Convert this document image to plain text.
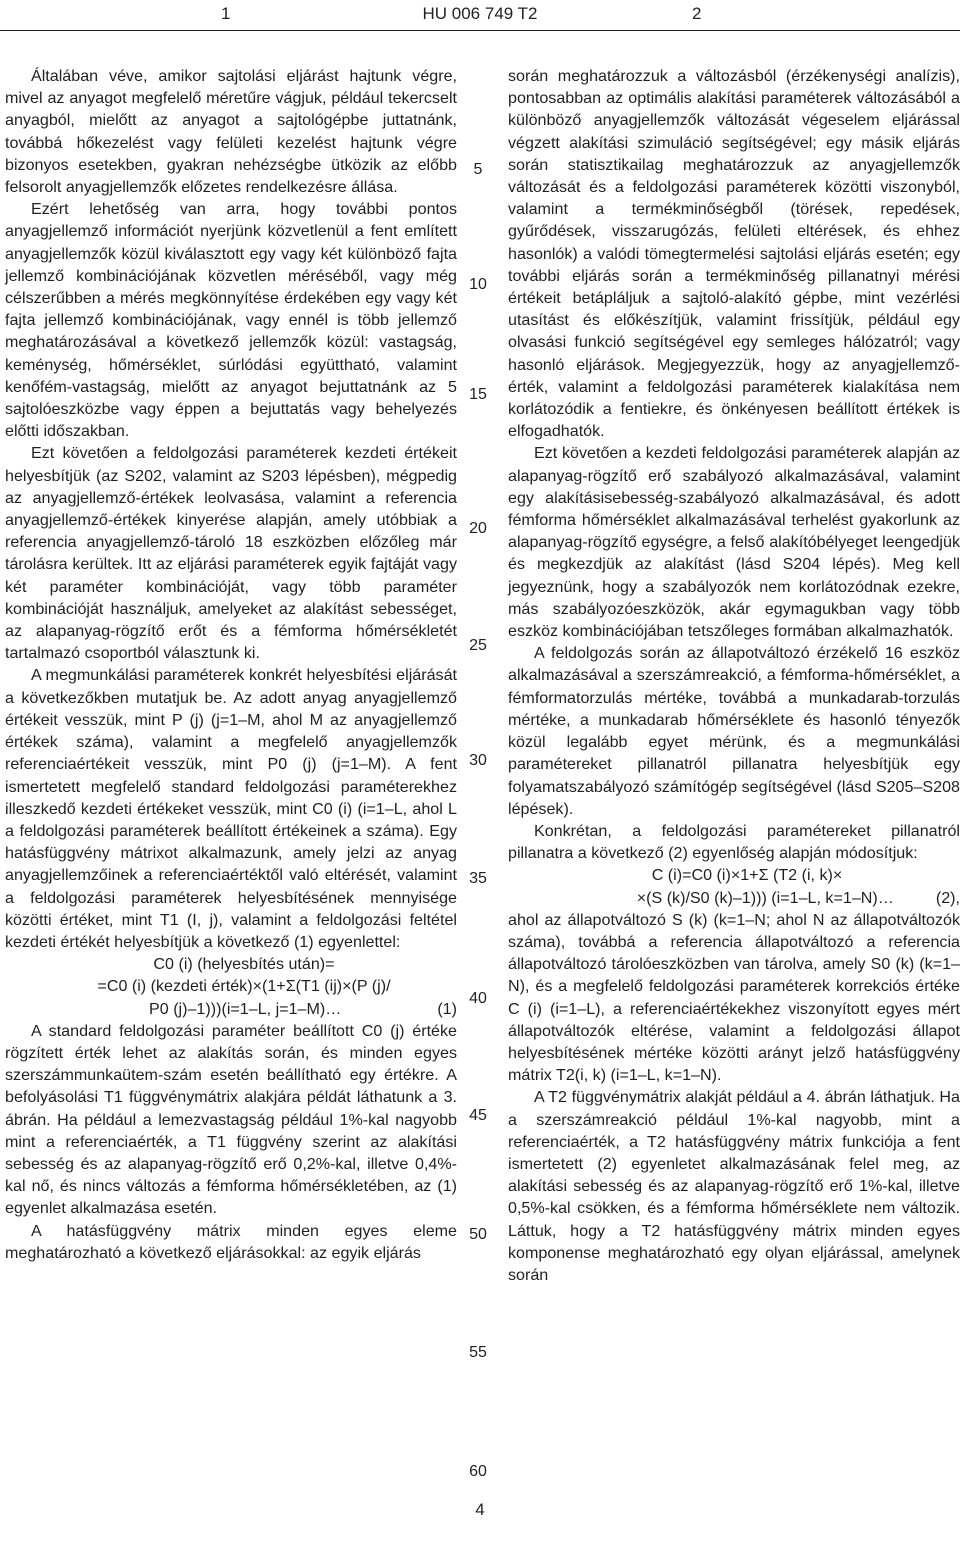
1	HU 006 749 T2	2

Általában véve, amikor sajtolási eljárást hajtunk végre, mivel az anyagot megfelelő méretűre vágjuk, például tekercselt anyagból, mielőtt az anyagot a sajtológépbe juttatnánk, továbbá hőkezelést vagy felületi kezelést hajtunk végre bizonyos esetekben, gyakran nehézségbe ütközik az előbb felsorolt anyagjellemzők előzetes rendelkezésre állása.

Ezért lehetőség van arra, hogy további pontos anyagjellemző információt nyerjünk közvetlenül a fent említett anyagjellemzők közül kiválasztott egy vagy két különböző fajta jellemző kombinációjának közvetlen méréséből, vagy még célszerűbben a mérés megkönnyítése érdekében egy vagy két fajta jellemző kombinációjának, vagy ennél is több jellemző meghatározásával a következő jellemzők közül: vastagság, keménység, hőmérséklet, súrlódási együttható, valamint kenőfém-vastagság, mielőtt az anyagot bejuttatnánk az 5 sajtolóeszközbe vagy éppen a bejuttatás vagy behelyezés előtti időszakban.

Ezt követően a feldolgozási paraméterek kezdeti értékeit helyesbítjük (az S202, valamint az S203 lépésben), mégpedig az anyagjellemző-értékek leolvasása, valamint a referencia anyagjellemző-értékek kinyerése alapján, amely utóbbiak a referencia anyagjellemző-tároló 18 eszközben előzőleg már tárolásra kerültek. Itt az eljárási paraméterek egyik fajtáját vagy két paraméter kombinációját, vagy több paraméter kombinációját használjuk, amelyeket az alakítást sebességet, az alapanyag-rögzítő erőt és a fémforma hőmérsékletét tartalmazó csoportból választunk ki.

A megmunkálási paraméterek konkrét helyesbítési eljárását a következőkben mutatjuk be. Az adott anyag anyagjellemző értékeit vesszük, mint P (j) (j=1–M, ahol M az anyagjellemző értékek száma), valamint a megfelelő anyagjellemzők referenciaértékeit vesszük, mint P0 (j) (j=1–M). A fent ismertetett megfelelő standard feldolgozási paraméterekhez illeszkedő kezdeti értékeket vesszük, mint C0 (i) (i=1–L, ahol L a feldolgozási paraméterek beállított értékeinek a száma). Egy hatásfüggvény mátrixot alkalmazunk, amely jelzi az anyag anyagjellemzőinek a referenciaértéktől való eltérését, valamint a feldolgozási paraméterek helyesbítésének mennyisége közötti értéket, mint T1 (I, j), valamint a feldolgozási feltétel kezdeti értékét helyesbítjük a következő (1) egyenlettel:

C0 (i) (helyesbítés után)=

=C0 (i) (kezdeti érték)×(1+Σ(T1 (ij)×(P (j)/

P0 (j)–1)))(i=1–L, j=1–M)…	(1)

A standard feldolgozási paraméter beállított C0 (j) értéke rögzített érték lehet az alakítás során, és minden egyes szerszámmunkaütem-szám esetén beállítható egy értékre. A befolyásolási T1 függvénymátrix alakjára példát láthatunk a 3. ábrán. Ha például a lemezvastagság például 1%-kal nagyobb mint a referenciaérték, a T1 függvény szerint az alakítási sebesség és az alapanyag-rögzítő erő 0,2%-kal, illetve 0,4%-kal nő, és nincs változás a fémforma hőmérsékletében, az (1) egyenlet alkalmazása esetén.

A hatásfüggvény mátrix minden egyes eleme meghatározható a következő eljárásokkal: az egyik eljárás

5
10
15
20
25
30
35
40
45
50
55
60

során meghatározzuk a változásból (érzékenységi analízis), pontosabban az optimális alakítási paraméterek változásából a különböző anyagjellemzők változását végeselem eljárással végzett alakítási szimuláció segítségével; egy másik eljárás során statisztikailag meghatározzuk az anyagjellemzők változását és a feldolgozási paraméterek közötti viszonyból, valamint a termékminőségből (törések, repedések, gyűrődések, visszarugózás, felületi eltérések, és ehhez hasonlók) a valódi tömegtermelési sajtolási eljárás esetén; egy további eljárás során a termékminőség pillanatnyi mérési értékeit betápláljuk a sajtoló-alakító gépbe, mint vezérlési utasítást és előkészítjük, valamint frissítjük, például egy olvasási funkció segítségével egy semleges hálózatról; vagy hasonló eljárások. Megjegyezzük, hogy az anyagjellemző-érték, valamint a feldolgozási paraméterek kialakítása nem korlátozódik a fentiekre, és önkényesen beállított értékek is elfogadhatók.

Ezt követően a kezdeti feldolgozási paraméterek alapján az alapanyag-rögzítő erő szabályozó alkalmazásával, valamint egy alakításisebesség-szabályozó alkalmazásával, és adott fémforma hőmérséklet alkalmazásával terhelést gyakorlunk az alapanyag-rögzítő egységre, a felső alakítóbélyeget leengedjük és megkezdjük az alakítást (lásd S204 lépés). Meg kell jegyeznünk, hogy a szabályozók nem korlátozódnak ezekre, más szabályozóeszközök, akár egymagukban vagy több eszköz kombinációjában tetszőleges formában alkalmazhatók.

A feldolgozás során az állapotváltozó érzékelő 16 eszköz alkalmazásával a szerszámreakció, a fémforma-hőmérséklet, a fémformatorzulás mértéke, továbbá a munkadarab-torzulás mértéke, a munkadarab hőmérséklete és hasonló tényezők közül legalább egyet mérünk, és a megmunkálási paramétereket pillanatról pillanatra helyesbítjük egy folyamatszabályozó számítógép segítségével (lásd S205–S208 lépések).

Konkrétan, a feldolgozási paramétereket pillanatról pillanatra a következő (2) egyenlőség alapján módosítjuk:

C (i)=C0 (i)×1+Σ (T2 (i, k)×

×(S (k)/S0 (k)–1))) (i=1–L, k=1–N)…	(2),

ahol az állapotváltozó S (k) (k=1–N; ahol N az állapotváltozók száma), továbbá a referencia állapotváltozó a referencia állapotváltozó tárolóeszközben van tárolva, amely S0 (k) (k=1–N), és a megfelelő feldolgozási paraméterek korrekciós értéke C (i) (i=1–L), a referenciaértékekhez viszonyított egyes mért állapotváltozók eltérése, valamint a feldolgozási állapot helyesbítésének mértéke közötti arányt jelző hatásfüggvény mátrix T2(i, k) (i=1–L, k=1–N).

A T2 függvénymátrix alakját például a 4. ábrán láthatjuk. Ha a szerszámreakció például 1%-kal nagyobb, mint a referenciaérték, a T2 hatásfüggvény mátrix funkciója a fent ismertetett (2) egyenletet alkalmazásának felel meg, az alakítási sebesség és az alapanyag-rögzítő erő 1%-kal, illetve 0,5%-kal csökken, és a fémforma hőmérséklete nem változik. Láttuk, hogy a T2 hatásfüggvény mátrix minden egyes komponense meghatározható egy olyan eljárással, amelynek során

4
